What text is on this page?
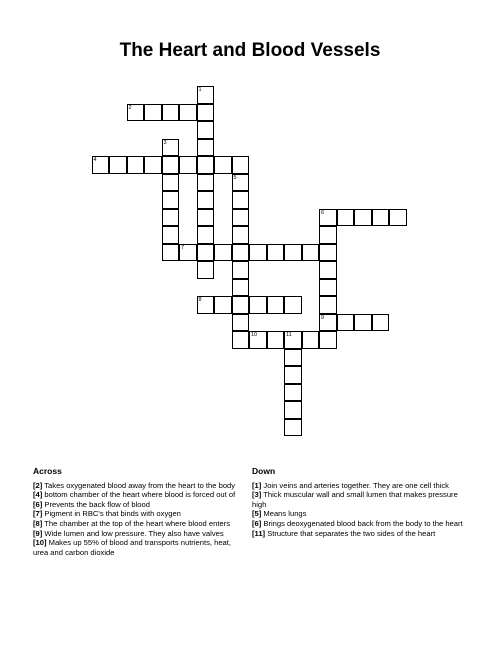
The Heart and Blood Vessels
1
2
3
4
5
6
9
7
8
10	11
Across
[2] Takes oxygenated blood away from the heart to the body
[4] bottom chamber of the heart where blood is forced out of
[6] Prevents the back flow of blood
[7] Pigment in RBC's that binds with oxygen
[8] The chamber at the top of the heart where blood enters
[9] Wide lumen and low pressure. They also have valves
[10] Makes up 55% of blood and transports nutrients, heat, urea and carbon dioxide
Down
[1] Join veins and arteries together. They are one cell thick
[3] Thick muscular wall and small lumen that makes pressure high
[5] Means lungs
[6] Brings deoxygenated blood back from the body to the heart
[11] Structure that separates the two sides of the heart
